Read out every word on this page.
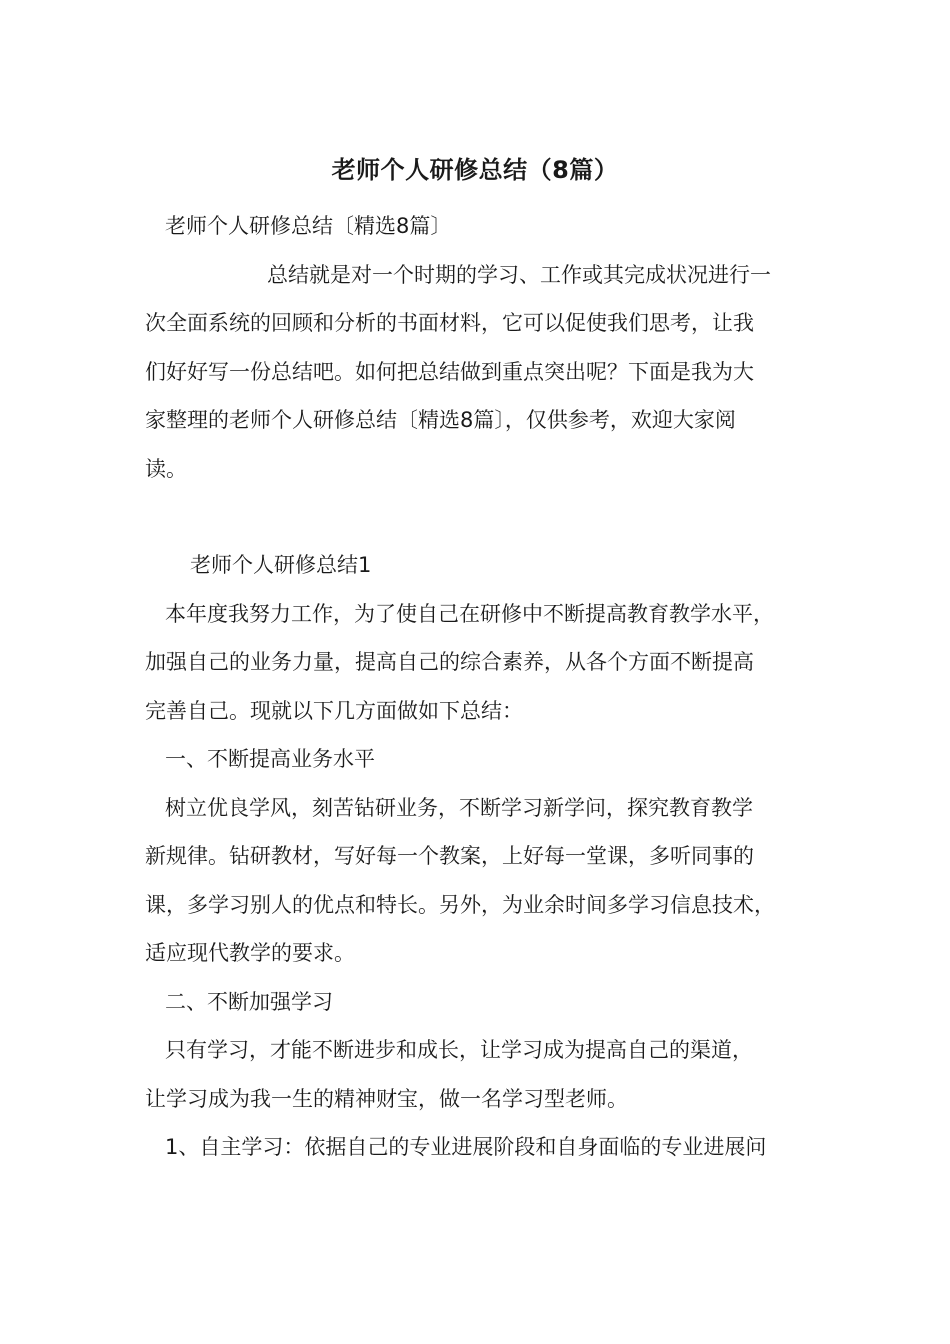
老师个人研修总结（8篇）

老师个人研修总结〔精选8篇〕

总结就是对一个时期的学习、工作或其完成状况进行一

次全面系统的回顾和分析的书面材料，它可以促使我们思考，让我

们好好写一份总结吧。如何把总结做到重点突出呢？下面是我为大

家整理的老师个人研修总结〔精选8篇〕，仅供参考，欢迎大家阅

读。

老师个人研修总结1

本年度我努力工作，为了使自己在研修中不断提高教育教学水平，

加强自己的业务力量，提高自己的综合素养，从各个方面不断提高

完善自己。现就以下几方面做如下总结：

一、不断提高业务水平

树立优良学风，刻苦钻研业务，不断学习新学问，探究教育教学

新规律。钻研教材，写好每一个教案，上好每一堂课，多听同事的

课，多学习别人的优点和特长。另外，为业余时间多学习信息技术，

适应现代教学的要求。

二、不断加强学习

只有学习，才能不断进步和成长，让学习成为提高自己的渠道，

让学习成为我一生的精神财宝，做一名学习型老师。

1、自主学习：依据自己的专业进展阶段和自身面临的专业进展问
